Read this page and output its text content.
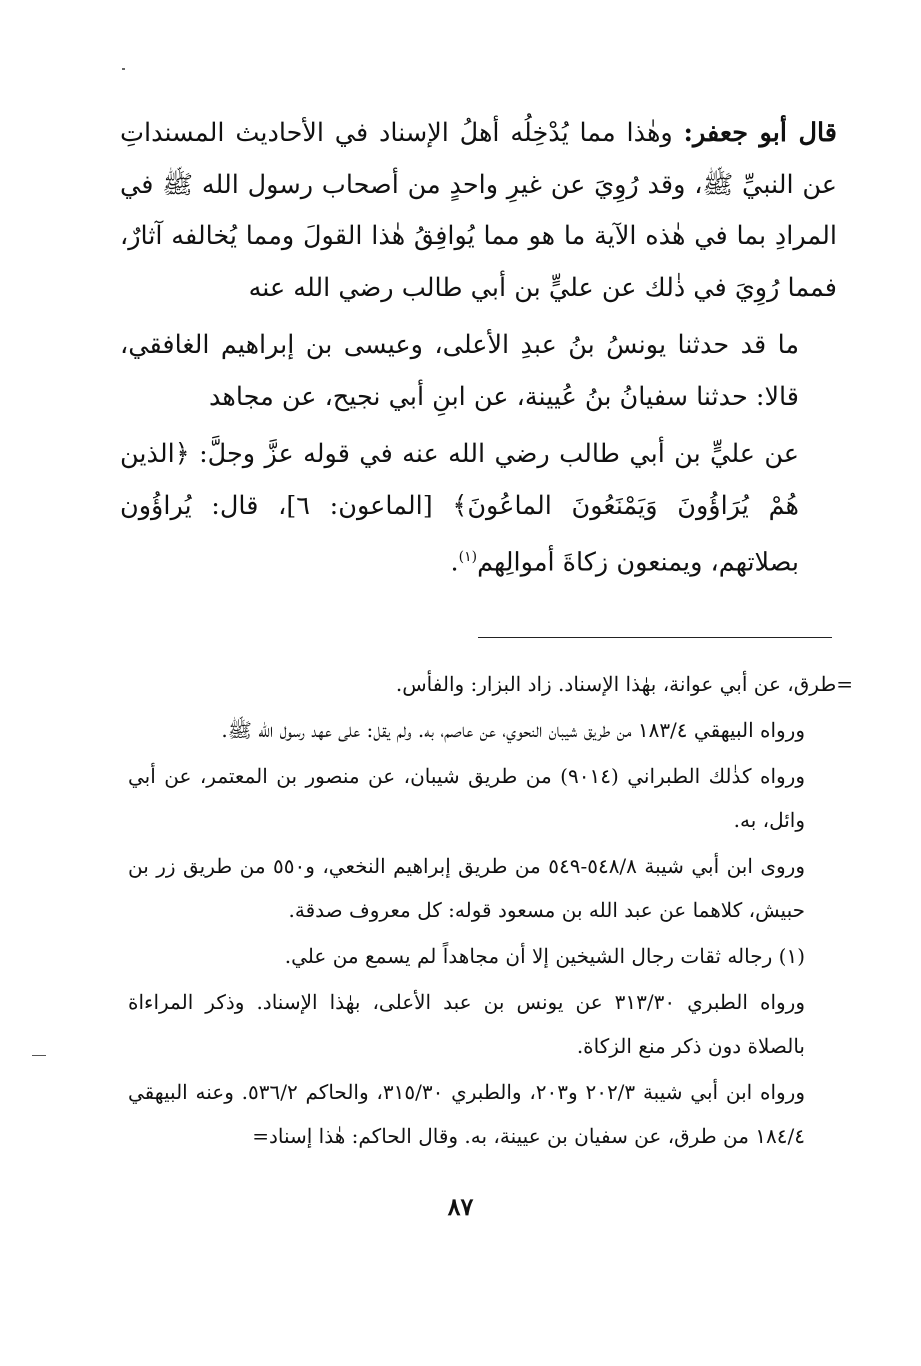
قال أبو جعفر: وهٰذا مما يُدْخِلُه أهلُ الإسناد في الأحاديث المسنداتِ عن النبيِّ ﷺ، وقد رُوِيَ عن غيرِ واحدٍ من أصحاب رسول الله ﷺ في المرادِ بما في هٰذه الآية ما هو مما يُوافِقُ هٰذا القولَ ومما يُخالفه آثارٌ، فمما رُوِيَ في ذٰلك عن عليٍّ بن أبي طالب رضي الله عنه

ما قد حدثنا يونسُ بنُ عبدِ الأعلى، وعيسى بن إبراهيم الغافقي، قالا: حدثنا سفيانُ بنُ عُيينة، عن ابنِ أبي نجيح، عن مجاهد

عن عليٍّ بن أبي طالب رضي الله عنه في قوله عزَّ وجلَّ: ﴿الذين هُمْ يُرَاؤُونَ وَيَمْنَعُونَ الماعُونَ﴾ [الماعون: ٦]، قال: يُراؤُون بصلاتهم، ويمنعون زكاةَ أموالِهم$^{(١)}$.

=طرق، عن أبي عوانة، بهٰذا الإسناد. زاد البزار: والفأس.

ورواه البيهقي ١٨٣/٤ من طريق شيبان النحوي، عن عاصم، به. ولم يقل: على عهد رسول الله ﷺ.

ورواه كذٰلك الطبراني (٩٠١٤) من طريق شيبان، عن منصور بن المعتمر، عن أبي وائل، به.

وروى ابن أبي شيبة ٥٤٨/٨-٥٤٩ من طريق إبراهيم النخعي، و٥٥٠ من طريق زر بن حبيش، كلاهما عن عبد الله بن مسعود قوله: كل معروف صدقة.

(١) رجاله ثقات رجال الشيخين إلا أن مجاهداً لم يسمع من علي.

ورواه الطبري ٣١٣/٣٠ عن يونس بن عبد الأعلى، بهٰذا الإسناد. وذكر المراءاة بالصلاة دون ذكر منع الزكاة.

ورواه ابن أبي شيبة ٢٠٢/٣ و٢٠٣، والطبري ٣١٥/٣٠، والحاكم ٥٣٦/٢. وعنه البيهقي ١٨٤/٤ من طرق، عن سفيان بن عيينة، به. وقال الحاكم: هٰذا إسناد=

٨٧
